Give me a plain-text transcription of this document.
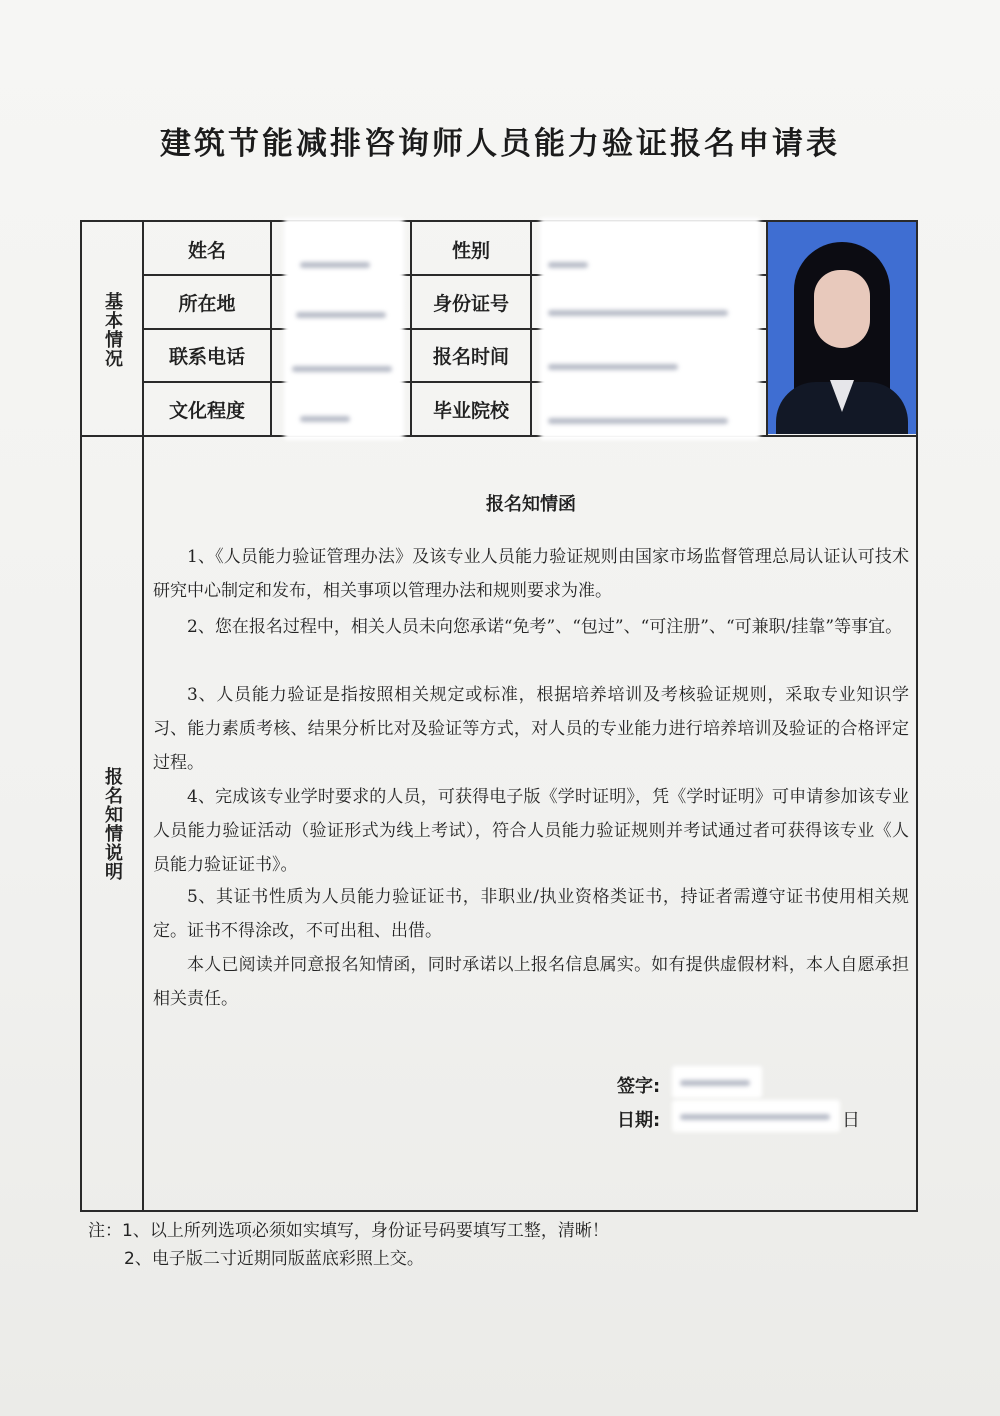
建筑节能减排咨询师人员能力验证报名申请表
基本情况
报名知情说明
姓名
所在地
联系电话
文化程度
性别
身份证号
报名时间
毕业院校
报名知情函

1、《人员能力验证管理办法》及该专业人员能力验证规则由国家市场监督管理总局认证认可技术研究中心制定和发布，相关事项以管理办法和规则要求为准。

2、您在报名过程中，相关人员未向您承诺“免考”、“包过”、“可注册”、“可兼职/挂靠”等事宜。

3、人员能力验证是指按照相关规定或标准，根据培养培训及考核验证规则，采取专业知识学习、能力素质考核、结果分析比对及验证等方式，对人员的专业能力进行培养培训及验证的合格评定过程。

4、完成该专业学时要求的人员，可获得电子版《学时证明》，凭《学时证明》可申请参加该专业人员能力验证活动（验证形式为线上考试），符合人员能力验证规则并考试通过者可获得该专业《人员能力验证证书》。

5、其证书性质为人员能力验证证书，非职业/执业资格类证书，持证者需遵守证书使用相关规定。证书不得涂改，不可出租、出借。

本人已阅读并同意报名知情函，同时承诺以上报名信息属实。如有提供虚假材料，本人自愿承担相关责任。

签字:
日期:	日
注：1、以上所列选项必须如实填写，身份证号码要填写工整，清晰！
2、电子版二寸近期同版蓝底彩照上交。
